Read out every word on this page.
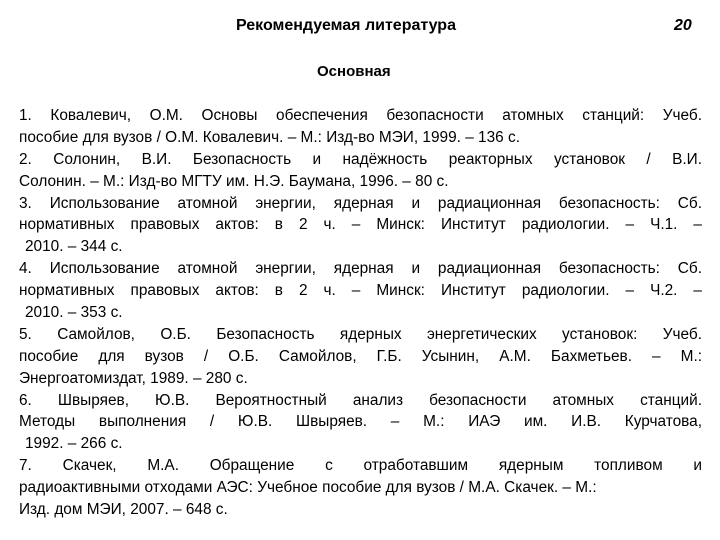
Рекомендуемая литература	20
Основная
1. Ковалевич, О.М. Основы обеспечения безопасности атомных станций: Учеб.
пособие для вузов / О.М. Ковалевич. – М.: Изд-во МЭИ, 1999. – 136 с.
2. Солонин, В.И. Безопасность и надёжность реакторных установок / В.И.
Солонин. – М.: Изд-во МГТУ им. Н.Э. Баумана, 1996. – 80 с.
3. Использование атомной энергии, ядерная и радиационная безопасность: Сб.
нормативных правовых актов: в 2 ч. – Минск: Институт радиологии. – Ч.1. –
2010. – 344 с.
4. Использование атомной энергии, ядерная и радиационная безопасность: Сб.
нормативных правовых актов: в 2 ч. – Минск: Институт радиологии. – Ч.2. –
2010. – 353 с.
5. Самойлов, О.Б. Безопасность ядерных энергетических установок: Учеб.
пособие для вузов / О.Б. Самойлов, Г.Б. Усынин, А.М. Бахметьев. – М.:
Энергоатомиздат, 1989. – 280 с.
6. Швыряев, Ю.В. Вероятностный анализ безопасности атомных станций.
Методы выполнения / Ю.В. Швыряев. – М.: ИАЭ им. И.В. Курчатова,
1992. – 266 с.
7. Скачек, М.А. Обращение с отработавшим ядерным топливом и
радиоактивными отходами АЭС: Учебное пособие для вузов / М.А. Скачек. – М.:
Изд. дом МЭИ, 2007. – 648 с.
